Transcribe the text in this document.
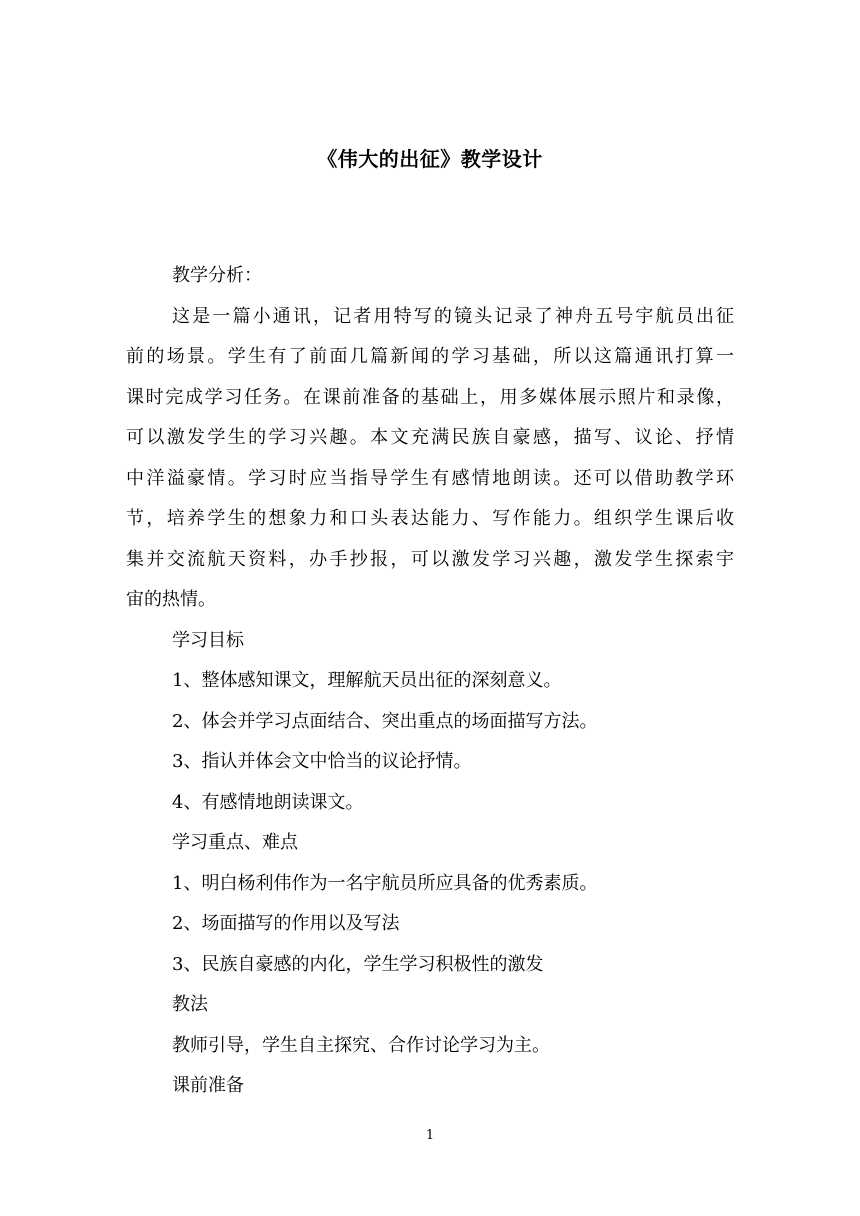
《伟大的出征》教学设计
教学分析：
这是一篇小通讯，记者用特写的镜头记录了神舟五号宇航员出征
前的场景。学生有了前面几篇新闻的学习基础，所以这篇通讯打算一
课时完成学习任务。在课前准备的基础上，用多媒体展示照片和录像，
可以激发学生的学习兴趣。本文充满民族自豪感，描写、议论、抒情
中洋溢豪情。学习时应当指导学生有感情地朗读。还可以借助教学环
节，培养学生的想象力和口头表达能力、写作能力。组织学生课后收
集并交流航天资料，办手抄报，可以激发学习兴趣，激发学生探索宇
宙的热情。
学习目标
1、整体感知课文，理解航天员出征的深刻意义。
2、体会并学习点面结合、突出重点的场面描写方法。
3、指认并体会文中恰当的议论抒情。
4、有感情地朗读课文。
学习重点、难点
1、明白杨利伟作为一名宇航员所应具备的优秀素质。
2、场面描写的作用以及写法
3、民族自豪感的内化，学生学习积极性的激发
教法
教师引导，学生自主探究、合作讨论学习为主。
课前准备
1
